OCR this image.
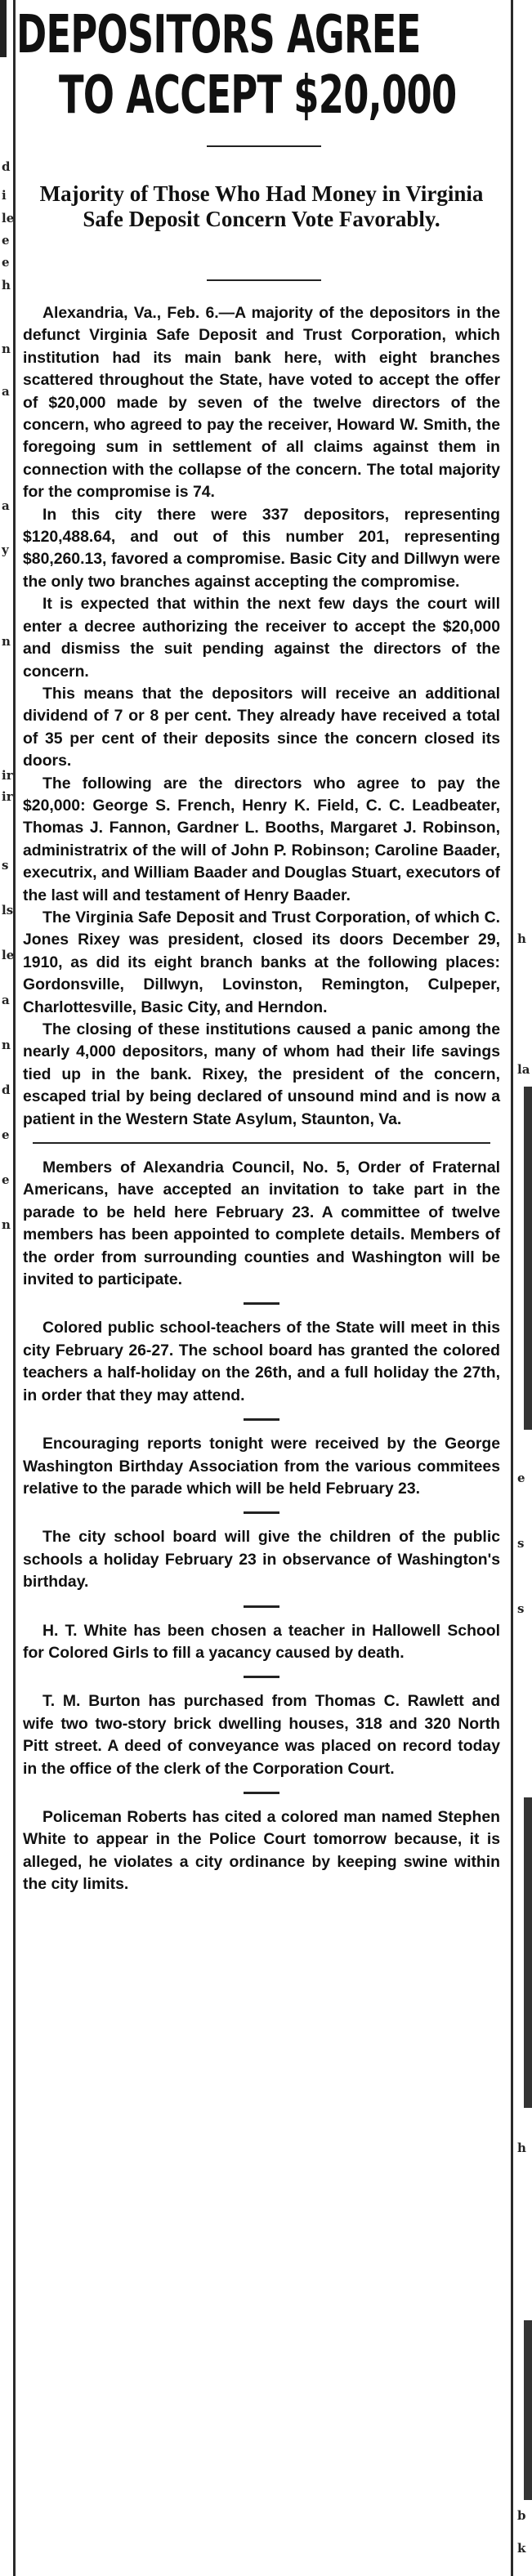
d
i
le
e
e
h
n
a
a
y
n
ir
ir
s
ls
le
a
n
d
e
e
n
h
la
e
s
s
h
b
k
DEPOSITORS AGREE
TO ACCEPT $20,000
Majority of Those Who Had Money in Virginia Safe Deposit Concern Vote Favorably.

Alexandria, Va., Feb. 6.—A majority of the depositors in the defunct Virginia Safe Deposit and Trust Corporation, which institution had its main bank here, with eight branches scattered throughout the State, have voted to accept the offer of $20,000 made by seven of the twelve directors of the concern, who agreed to pay the receiver, Howard W. Smith, the foregoing sum in settlement of all claims against them in connection with the collapse of the concern. The total majority for the compromise is 74.

In this city there were 337 depositors, representing $120,488.64, and out of this number 201, representing $80,260.13, favored a compromise. Basic City and Dillwyn were the only two branches against accepting the compromise.

It is expected that within the next few days the court will enter a decree authorizing the receiver to accept the $20,000 and dismiss the suit pending against the directors of the concern.

This means that the depositors will receive an additional dividend of 7 or 8 per cent. They already have received a total of 35 per cent of their deposits since the concern closed its doors.

The following are the directors who agree to pay the $20,000: George S. French, Henry K. Field, C. C. Leadbeater, Thomas J. Fannon, Gardner L. Booths, Margaret J. Robinson, administratrix of the will of John P. Robinson; Caroline Baader, executrix, and William Baader and Douglas Stuart, executors of the last will and testament of Henry Baader.

The Virginia Safe Deposit and Trust Corporation, of which C. Jones Rixey was president, closed its doors December 29, 1910, as did its eight branch banks at the following places: Gordonsville, Dillwyn, Lovinston, Remington, Culpeper, Charlottesville, Basic City, and Herndon.

The closing of these institutions caused a panic among the nearly 4,000 depositors, many of whom had their life savings tied up in the bank. Rixey, the president of the concern, escaped trial by being declared of unsound mind and is now a patient in the Western State Asylum, Staunton, Va.

Members of Alexandria Council, No. 5, Order of Fraternal Americans, have accepted an invitation to take part in the parade to be held here February 23. A committee of twelve members has been appointed to complete details. Members of the order from surrounding counties and Washington will be invited to participate.

Colored public school-teachers of the State will meet in this city February 26-27. The school board has granted the colored teachers a half-holiday on the 26th, and a full holiday the 27th, in order that they may attend.

Encouraging reports tonight were received by the George Washington Birthday Association from the various commitees relative to the parade which will be held February 23.

The city school board will give the children of the public schools a holiday February 23 in observance of Washington's birthday.

H. T. White has been chosen a teacher in Hallowell School for Colored Girls to fill a yacancy caused by death.

T. M. Burton has purchased from Thomas C. Rawlett and wife two two-story brick dwelling houses, 318 and 320 North Pitt street. A deed of conveyance was placed on record today in the office of the clerk of the Corporation Court.

Policeman Roberts has cited a colored man named Stephen White to appear in the Police Court tomorrow because, it is alleged, he violates a city ordinance by keeping swine within the city limits.
